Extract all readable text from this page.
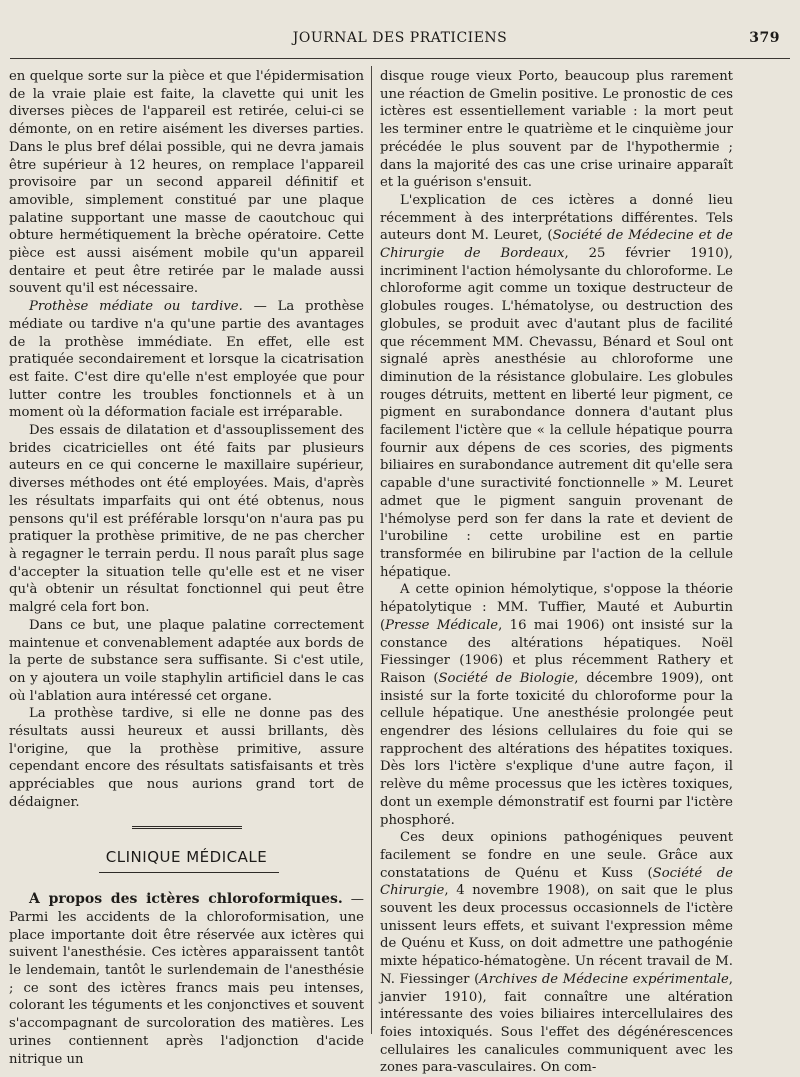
JOURNAL DES PRATICIENS	379

en quelque sorte sur la pièce et que l'épidermisation de la vraie plaie est faite, la clavette qui unit les diverses pièces de l'appareil est retirée, celui-ci se démonte, on en retire aisément les diverses parties. Dans le plus bref délai possible, qui ne devra jamais être supérieur à 12 heures, on remplace l'appareil provisoire par un second appareil définitif et amovible, simplement constitué par une plaque palatine supportant une masse de caoutchouc qui obture hermétiquement la brèche opératoire. Cette pièce est aussi aisément mobile qu'un appareil dentaire et peut être retirée par le malade aussi souvent qu'il est nécessaire.

Prothèse médiate ou tardive. — La prothèse médiate ou tardive n'a qu'une partie des avantages de la prothèse immédiate. En effet, elle est pratiquée secondairement et lorsque la cicatrisation est faite. C'est dire qu'elle n'est employée que pour lutter contre les troubles fonctionnels et à un moment où la déformation faciale est irréparable.

Des essais de dilatation et d'assouplissement des brides cicatricielles ont été faits par plusieurs auteurs en ce qui concerne le maxillaire supérieur, diverses méthodes ont été employées. Mais, d'après les résultats imparfaits qui ont été obtenus, nous pensons qu'il est préférable lorsqu'on n'aura pas pu pratiquer la prothèse primitive, de ne pas chercher à regagner le terrain perdu. Il nous paraît plus sage d'accepter la situation telle qu'elle est et ne viser qu'à obtenir un résultat fonctionnel qui peut être malgré cela fort bon.

Dans ce but, une plaque palatine correctement maintenue et convenablement adaptée aux bords de la perte de substance sera suffisante. Si c'est utile, on y ajoutera un voile staphylin artificiel dans le cas où l'ablation aura intéressé cet organe.

La prothèse tardive, si elle ne donne pas des résultats aussi heureux et aussi brillants, dès l'origine, que la prothèse primitive, assure cependant encore des résultats satisfaisants et très appréciables que nous aurions grand tort de dédaigner.

CLINIQUE MÉDICALE

A propos des ictères chloroformiques. — Parmi les accidents de la chloroformisation, une place importante doit être réservée aux ictères qui suivent l'anesthésie. Ces ictères apparaissent tantôt le lendemain, tantôt le surlendemain de l'anesthésie ; ce sont des ictères francs mais peu intenses, colorant les téguments et les conjonctives et souvent s'accompagnant de surcoloration des matières. Les urines contiennent après l'adjonction d'acide nitrique un

disque rouge vieux Porto, beaucoup plus rarement une réaction de Gmelin positive. Le pronostic de ces ictères est essentiellement variable : la mort peut les terminer entre le quatrième et le cinquième jour précédée le plus souvent par de l'hypothermie ; dans la majorité des cas une crise urinaire apparaît et la guérison s'ensuit.

L'explication de ces ictères a donné lieu récemment à des interprétations différentes. Tels auteurs dont M. Leuret, (Société de Médecine et de Chirurgie de Bordeaux, 25 février 1910), incriminent l'action hémolysante du chloroforme. Le chloroforme agit comme un toxique destructeur de globules rouges. L'hématolyse, ou destruction des globules, se produit avec d'autant plus de facilité que récemment MM. Chevassu, Bénard et Soul ont signalé après anesthésie au chloroforme une diminution de la résistance globulaire. Les globules rouges détruits, mettent en liberté leur pigment, ce pigment en surabondance donnera d'autant plus facilement l'ictère que « la cellule hépatique pourra fournir aux dépens de ces scories, des pigments biliaires en surabondance autrement dit qu'elle sera capable d'une suractivité fonctionnelle » M. Leuret admet que le pigment sanguin provenant de l'hémolyse perd son fer dans la rate et devient de l'urobiline : cette urobiline est en partie transformée en bilirubine par l'action de la cellule hépatique.

A cette opinion hémolytique, s'oppose la théorie hépatolytique : MM. Tuffier, Mauté et Auburtin (Presse Médicale, 16 mai 1906) ont insisté sur la constance des altérations hépatiques. Noël Fiessinger (1906) et plus récemment Rathery et Raison (Société de Biologie, décembre 1909), ont insisté sur la forte toxicité du chloroforme pour la cellule hépatique. Une anesthésie prolongée peut engendrer des lésions cellulaires du foie qui se rapprochent des altérations des hépatites toxiques. Dès lors l'ictère s'explique d'une autre façon, il relève du même processus que les ictères toxiques, dont un exemple démonstratif est fourni par l'ictère phosphoré.

Ces deux opinions pathogéniques peuvent facilement se fondre en une seule. Grâce aux constatations de Quénu et Kuss (Société de Chirurgie, 4 novembre 1908), on sait que le plus souvent les deux processus occasionnels de l'ictère unissent leurs effets, et suivant l'expression même de Quénu et Kuss, on doit admettre une pathogénie mixte hépatico-hématogène. Un récent travail de M. N. Fiessinger (Archives de Médecine expérimentale, janvier 1910), fait connaître une altération intéressante des voies biliaires intercellulaires des foies intoxiqués. Sous l'effet des dégénérescences cellulaires les canalicules communiquent avec les zones para-vasculaires. On com-
